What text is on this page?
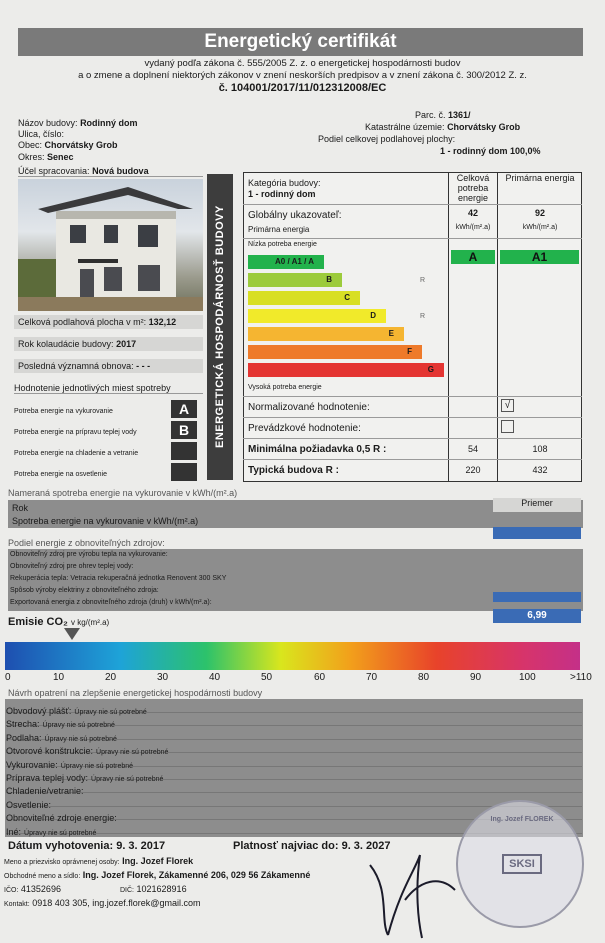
Energetický certifikát
vydaný podľa zákona č. 555/2005 Z. z. o energetickej hospodárnosti budov
a o zmene a doplnení niektorých zákonov v znení neskorších predpisov a v znení zákona č. 300/2012 Z. z.
č. 104001/2017/11/012312008/EC
Názov budovy: Rodinný dom
Parc. č. 1361/
Ulica, číslo:
Katastrálne územie: Chorvátsky Grob
Obec: Chorvátsky Grob
Podiel celkovej podlahovej plochy:
1 - rodinný dom 100,0%
Okres: Senec
Účel spracovania: Nová budova
Celková podlahová plocha v m²: 132,12
Rok kolaudácie budovy: 2017
Posledná významná obnova: - - -
Hodnotenie jednotlivých miest spotreby
Potreba energie na vykurovanie	A
Potreba energie na prípravu teplej vody	B
Potreba energie na chladenie a vetranie
Potreba energie na osvetlenie
ENERGETICKÁ HOSPODÁRNOSŤ BUDOVY
Kategória budovy:
1 - rodinný dom
Celková potreba energie
Primárna energia
Globálny ukazovateľ:
Primárna energia
42	92
kWh/(m².a)	kWh/(m².a)
Nízka potreba energie
Vysoká potreba energie
A0 / A1 / A
B
C
D
E
F
G
R
R
A	A1
Normalizované hodnotenie:	√
Prevádzkové hodnotenie:
Minimálna požiadavka 0,5 R :	54	108
Typická budova R :	220	432
Nameraná spotreba energie na vykurovanie v kWh/(m².a)
Rok	Priemer
Spotreba energie na vykurovanie v kWh/(m².a)
Podiel energie z obnoviteľných zdrojov:
Obnoviteľný zdroj pre výrobu tepla na vykurovanie:
Obnoviteľný zdroj pre ohrev teplej vody:
Rekuperácia tepla: Vetracia rekuperačná jednotka Renovent 300 SKY
Spôsob výroby elektriny z obnoviteľného zdroja:
Exportovaná energia z obnoviteľného zdroja (druh) v kWh/(m².a):
Emisie CO₂ v kg/(m².a)
6,99
0	10	20	30	40	50	60	70	80	90	100	>110
Návrh opatrení na zlepšenie energetickej hospodárnosti budovy
Obvodový plášť: Úpravy nie sú potrebné
Strecha: Úpravy nie sú potrebné
Podlaha: Úpravy nie sú potrebné
Otvorové konštrukcie: Úpravy nie sú potrebné
Vykurovanie: Úpravy nie sú potrebné
Príprava teplej vody: Úpravy nie sú potrebné
Chladenie/vetranie:
Osvetlenie:
Obnoviteľné zdroje energie:
Iné: Úpravy nie sú potrebné
Dátum vyhotovenia: 9. 3. 2017	Platnosť najviac do: 9. 3. 2027
Meno a priezvisko oprávnenej osoby: Ing. Jozef Florek
Obchodné meno a sídlo: Ing. Jozef Florek, Zákamenné 206, 029 56 Zákamenné
IČO: 41352696	DIČ: 1021628916
Kontakt: 0918 403 305, ing.jozef.florek@gmail.com
Ing. Jozef FLOREK
SKSI
